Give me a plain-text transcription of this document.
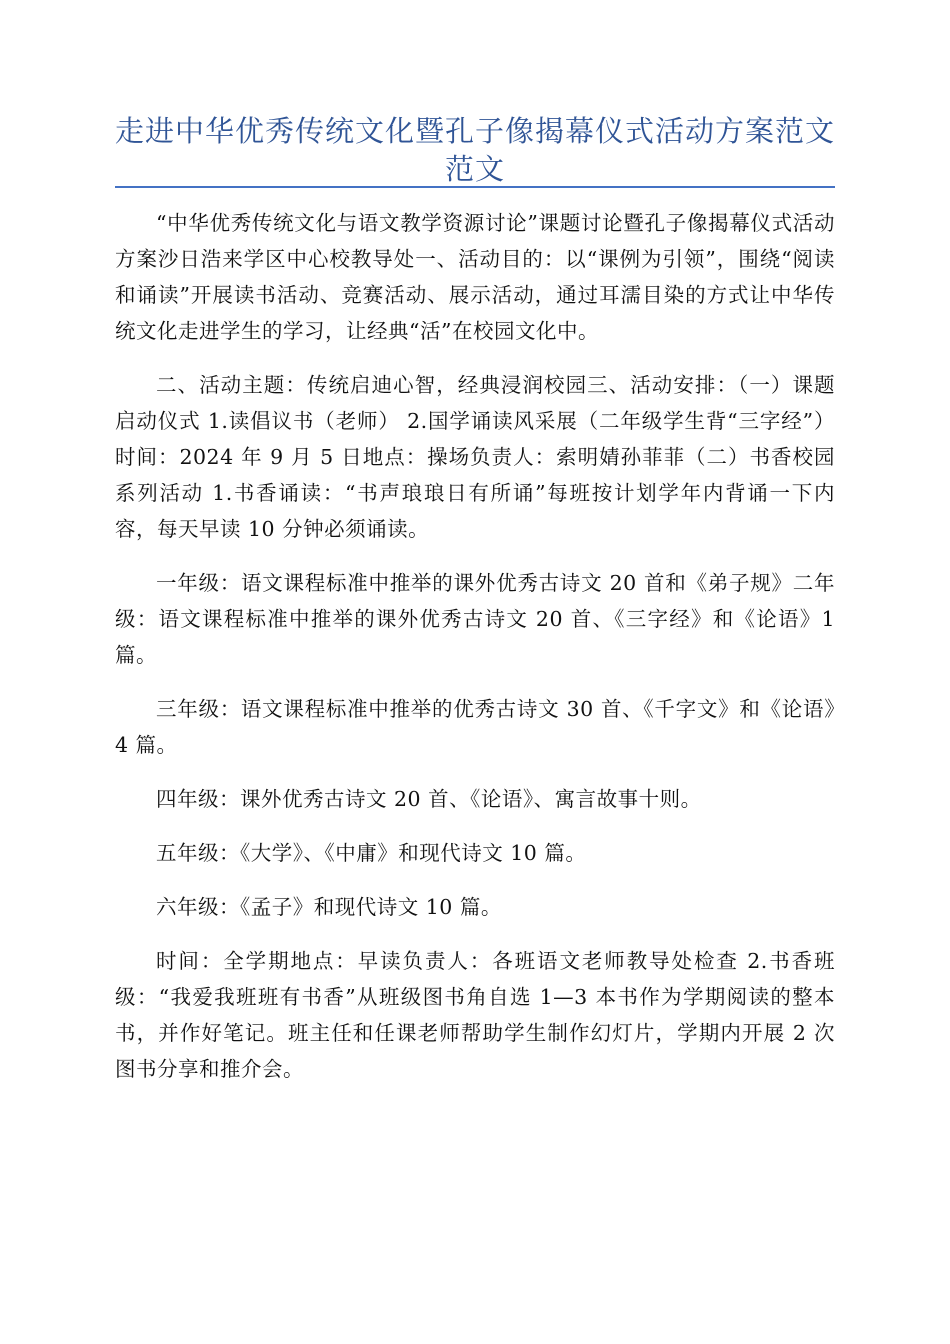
走进中华优秀传统文化暨孔子像揭幕仪式活动方案范文范文

“中华优秀传统文化与语文教学资源讨论”课题讨论暨孔子像揭幕仪式活动方案沙日浩来学区中心校教导处一、活动目的：以“课例为引领”，围绕“阅读和诵读”开展读书活动、竞赛活动、展示活动，通过耳濡目染的方式让中华传统文化走进学生的学习，让经典“活”在校园文化中。

二、活动主题：传统启迪心智，经典浸润校园三、活动安排：（一）课题启动仪式 1.读倡议书（老师） 2.国学诵读风采展（二年级学生背“三字经”） 时间：2024 年 9 月 5 日地点：操场负责人：索明婧孙菲菲（二）书香校园系列活动 1.书香诵读：“书声琅琅日有所诵”每班按计划学年内背诵一下内容，每天早读 10 分钟必须诵读。

一年级：语文课程标准中推举的课外优秀古诗文 20 首和《弟子规》二年级：语文课程标准中推举的课外优秀古诗文 20 首、《三字经》和《论语》1 篇。

三年级：语文课程标准中推举的优秀古诗文 30 首、《千字文》和《论语》4 篇。

四年级：课外优秀古诗文 20 首、《论语》、寓言故事十则。

五年级：《大学》、《中庸》和现代诗文 10 篇。

六年级：《孟子》和现代诗文 10 篇。

时间：全学期地点：早读负责人：各班语文老师教导处检查 2.书香班级：“我爱我班班有书香”从班级图书角自选 1—3 本书作为学期阅读的整本书，并作好笔记。班主任和任课老师帮助学生制作幻灯片，学期内开展 2 次图书分享和推介会。
